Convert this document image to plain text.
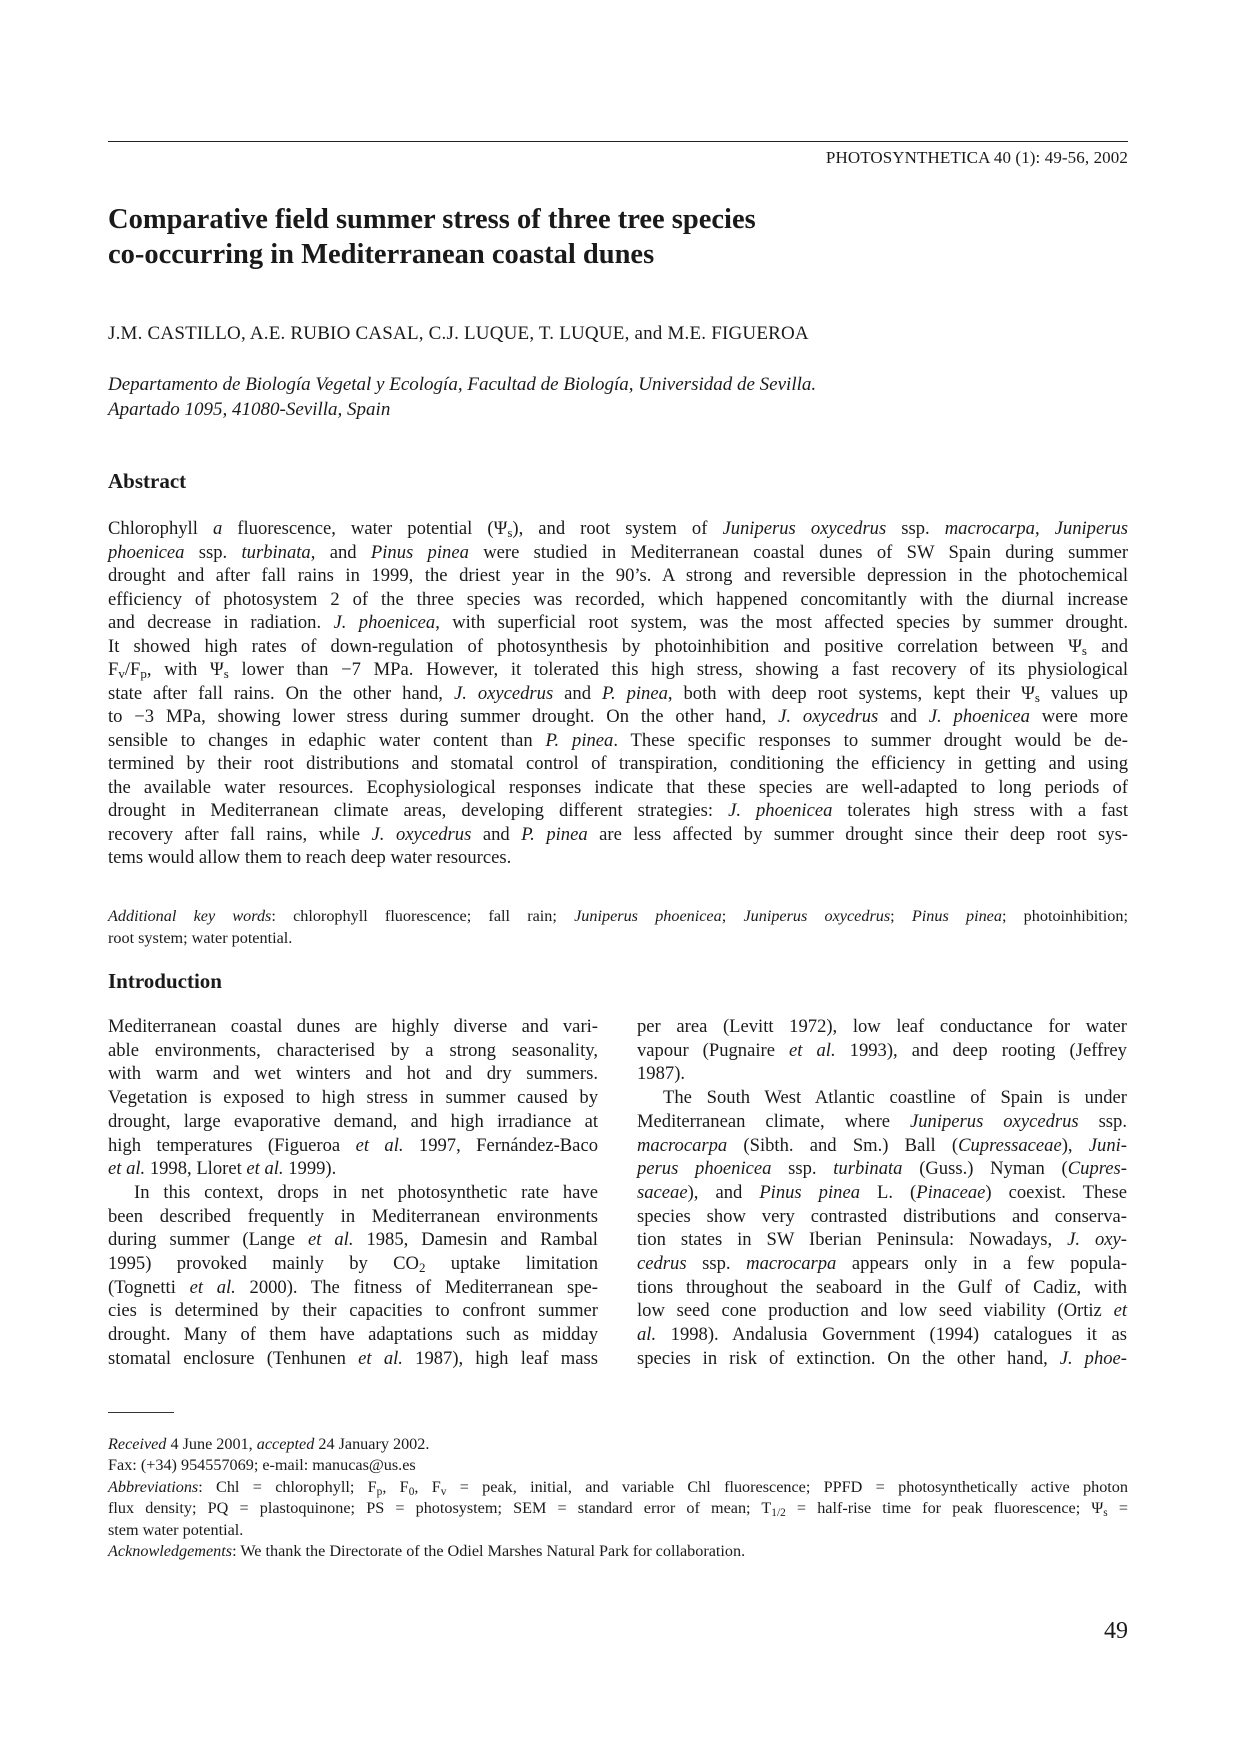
PHOTOSYNTHETICA 40 (1): 49-56, 2002
Comparative field summer stress of three tree species
co-occurring in Mediterranean coastal dunes
J.M. CASTILLO, A.E. RUBIO CASAL, C.J. LUQUE, T. LUQUE, and M.E. FIGUEROA
Departamento de Biología Vegetal y Ecología, Facultad de Biología, Universidad de Sevilla.
Apartado 1095, 41080-Sevilla, Spain
Abstract
Chlorophyll a fluorescence, water potential $(\Psi_s)$, and root system of Juniperus oxycedrus ssp. macrocarpa, Juniperus
phoenicea ssp. turbinata, and Pinus pinea were studied in Mediterranean coastal dunes of SW Spain during summer
drought and after fall rains in 1999, the driest year in the 90’s. A strong and reversible depression in the photochemical
efficiency of photosystem 2 of the three species was recorded, which happened concomitantly with the diurnal increase
and decrease in radiation. J. phoenicea, with superficial root system, was the most affected species by summer drought.
It showed high rates of down-regulation of photosynthesis by photoinhibition and positive correlation between $\Psi_s$ and
$F_v/F_p$, with $\Psi_s$ lower than −7 MPa. However, it tolerated this high stress, showing a fast recovery of its physiological
state after fall rains. On the other hand, J. oxycedrus and P. pinea, both with deep root systems, kept their $\Psi_s$ values up
to −3 MPa, showing lower stress during summer drought. On the other hand, J. oxycedrus and J. phoenicea were more
sensible to changes in edaphic water content than P. pinea. These specific responses to summer drought would be de-
termined by their root distributions and stomatal control of transpiration, conditioning the efficiency in getting and using
the available water resources. Ecophysiological responses indicate that these species are well-adapted to long periods of
drought in Mediterranean climate areas, developing different strategies: J. phoenicea tolerates high stress with a fast
recovery after fall rains, while J. oxycedrus and P. pinea are less affected by summer drought since their deep root sys-
tems would allow them to reach deep water resources.
Additional key words: chlorophyll fluorescence; fall rain; Juniperus phoenicea; Juniperus oxycedrus; Pinus pinea; photoinhibition;
root system; water potential.
Introduction
Mediterranean coastal dunes are highly diverse and vari-
able environments, characterised by a strong seasonality,
with warm and wet winters and hot and dry summers.
Vegetation is exposed to high stress in summer caused by
drought, large evaporative demand, and high irradiance at
high temperatures (Figueroa et al. 1997, Fernández-Baco
et al. 1998, Lloret et al. 1999).
In this context, drops in net photosynthetic rate have
been described frequently in Mediterranean environments
during summer (Lange et al. 1985, Damesin and Rambal
1995) provoked mainly by $CO_2$ uptake limitation
(Tognetti et al. 2000). The fitness of Mediterranean spe-
cies is determined by their capacities to confront summer
drought. Many of them have adaptations such as midday
stomatal enclosure (Tenhunen et al. 1987), high leaf mass
per area (Levitt 1972), low leaf conductance for water
vapour (Pugnaire et al. 1993), and deep rooting (Jeffrey
1987).
The South West Atlantic coastline of Spain is under
Mediterranean climate, where Juniperus oxycedrus ssp.
macrocarpa (Sibth. and Sm.) Ball (Cupressaceae), Juni-
perus phoenicea ssp. turbinata (Guss.) Nyman (Cupres-
saceae), and Pinus pinea L. (Pinaceae) coexist. These
species show very contrasted distributions and conserva-
tion states in SW Iberian Peninsula: Nowadays, J. oxy-
cedrus ssp. macrocarpa appears only in a few popula-
tions throughout the seaboard in the Gulf of Cadiz, with
low seed cone production and low seed viability (Ortiz et
al. 1998). Andalusia Government (1994) catalogues it as
species in risk of extinction. On the other hand, J. phoe-
Received 4 June 2001, accepted 24 January 2002.
Fax: (+34) 954557069; e-mail: manucas@us.es
Abbreviations: Chl = chlorophyll; $F_p$, $F_0$, $F_v$ = peak, initial, and variable Chl fluorescence; PPFD = photosynthetically active photon
flux density; PQ = plastoquinone; PS = photosystem; SEM = standard error of mean; $T_{1/2}$ = half-rise time for peak fluorescence; $\Psi_s$ =
stem water potential.
Acknowledgements: We thank the Directorate of the Odiel Marshes Natural Park for collaboration.
49
